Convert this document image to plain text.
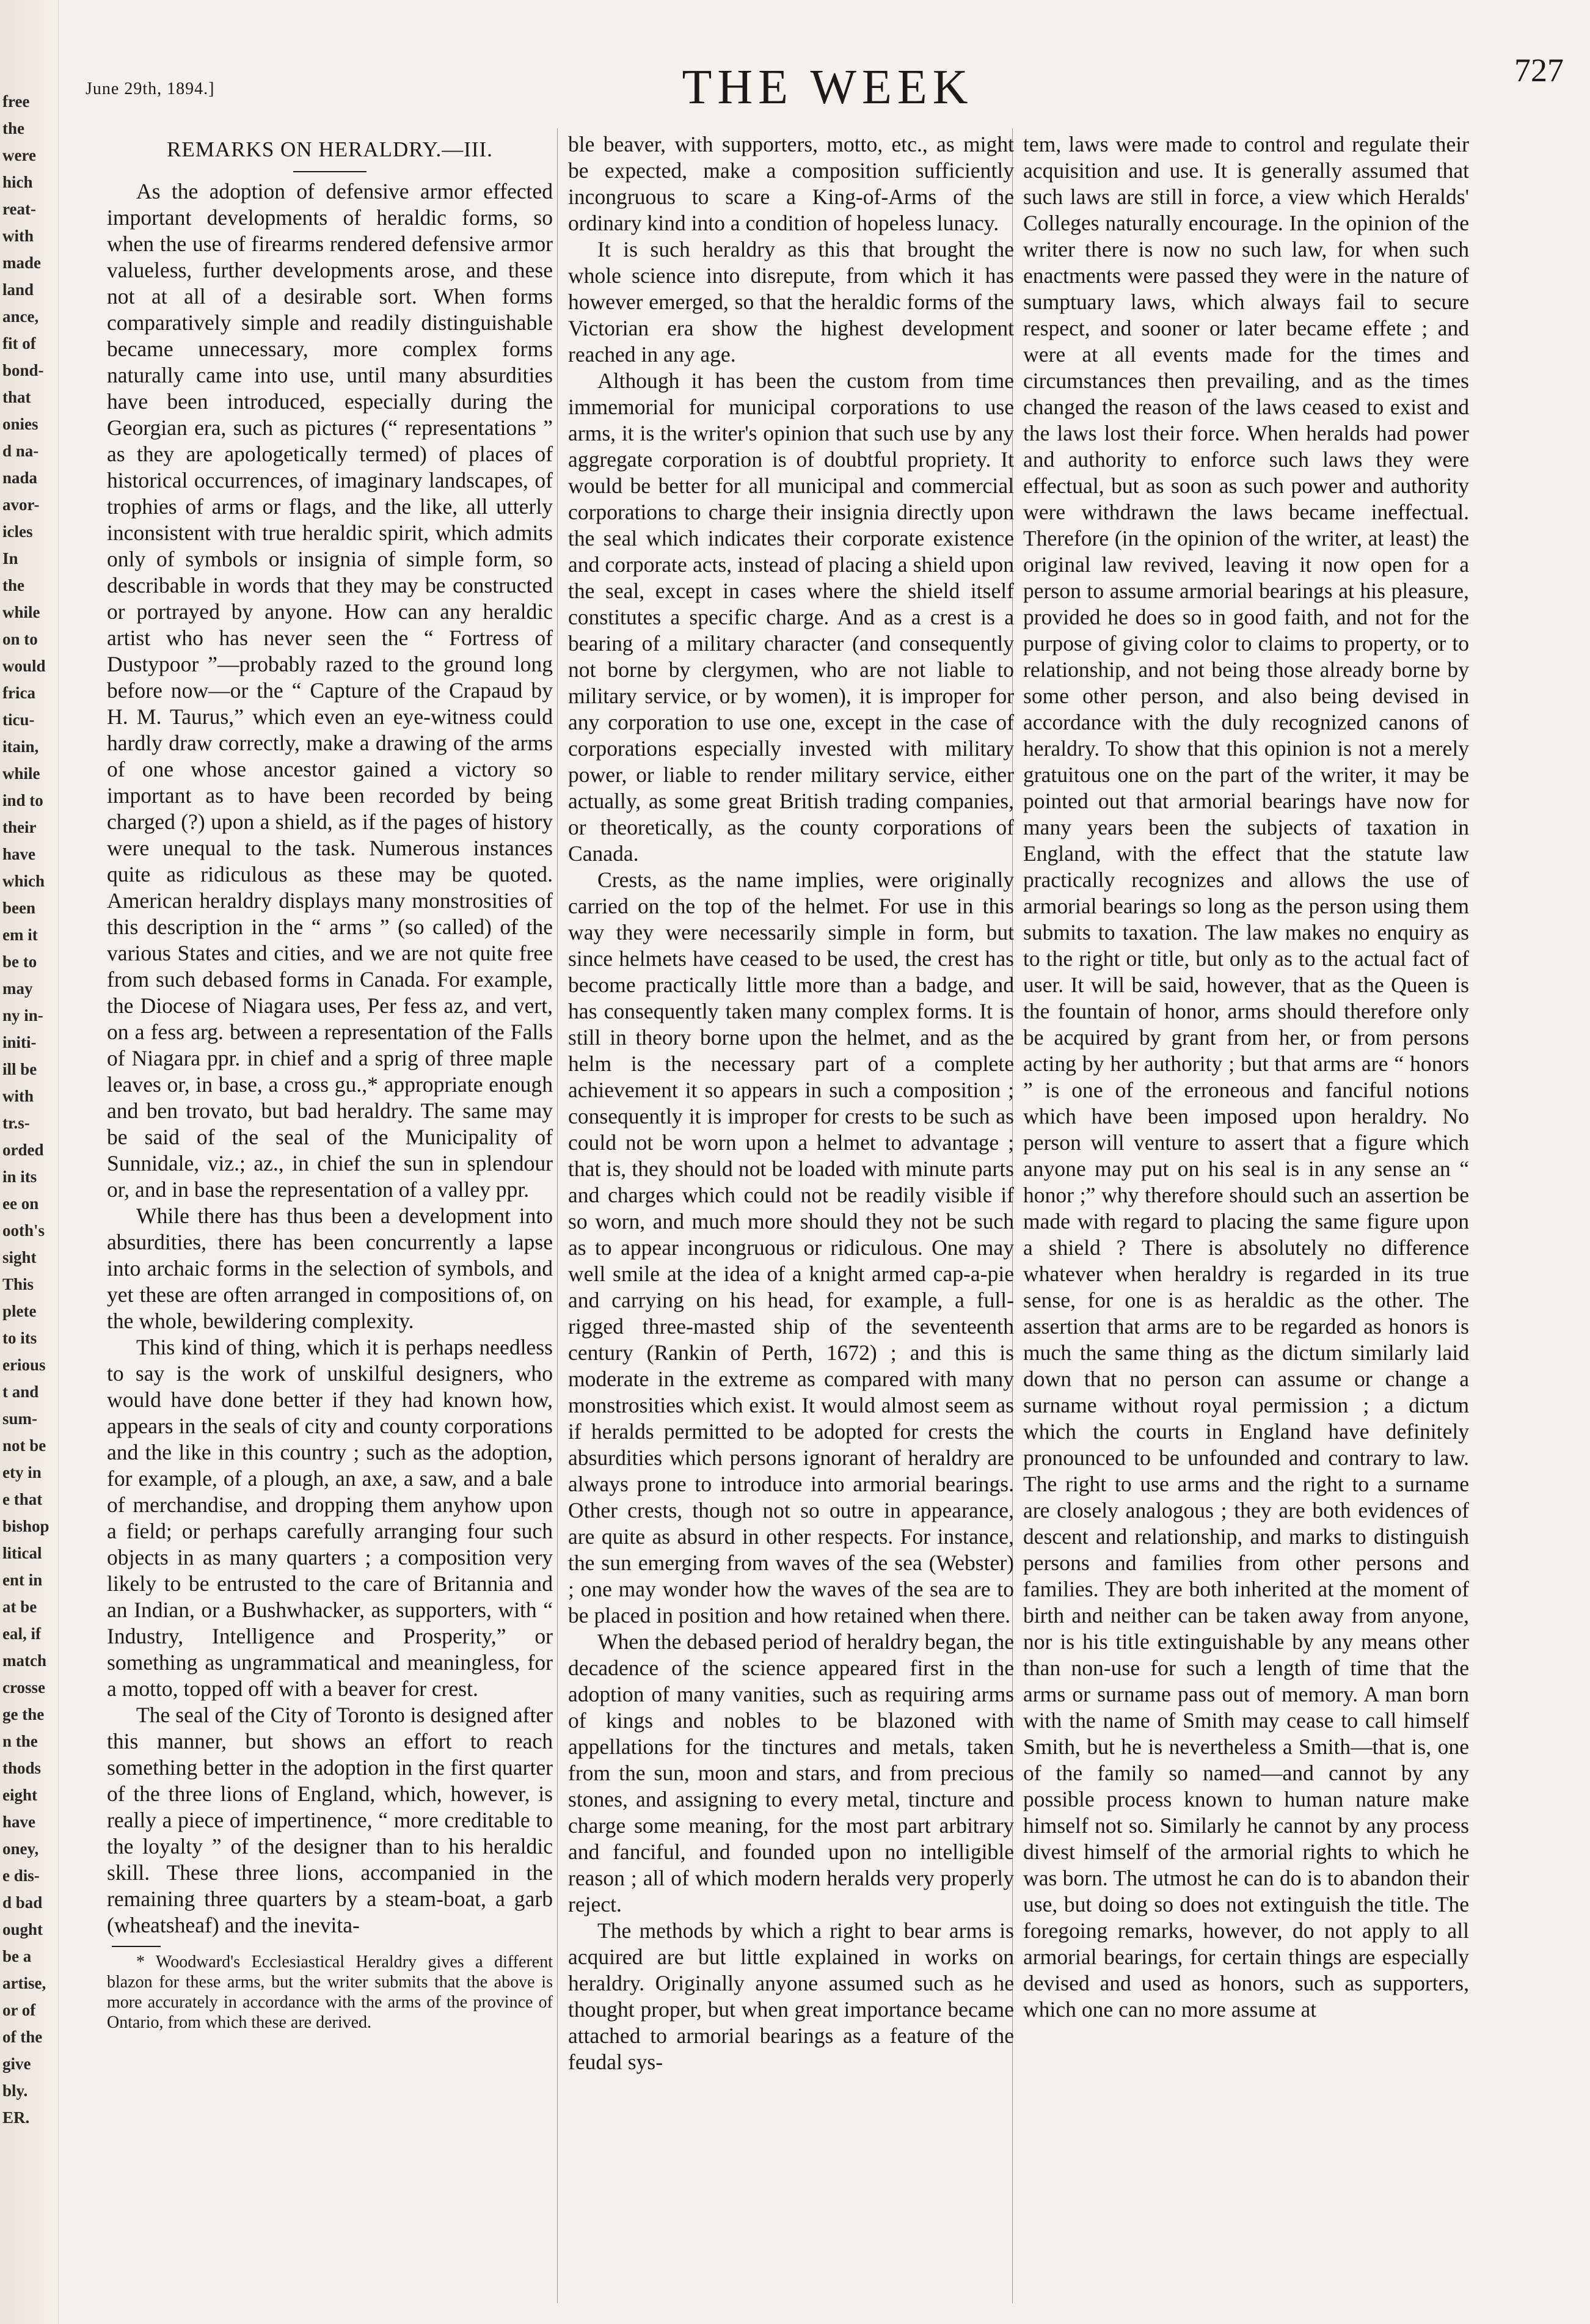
free
the
were
hich
reat-
with
made
land
ance,
fit of
bond-
that
onies
d na-
nada
avor-
icles
In
the
while
on to
would
frica
ticu-
itain,
while
ind to
their
have
which
been
em it
be to
may
ny in-
initi-
ill be
with
tr.s-
orded
in its
ee on
ooth's
sight
This
plete
to its
erious
t and
sum-
not be
ety in
e that
bishop
litical
ent in
at be
eal, if
match
crosse
ge the
n the
thods
eight
have
oney,
e dis-
d bad
ought
be a
artise,
or of
of the
give
bly.
ER.
June 29th, 1894.]	THE WEEK	727
REMARKS ON HERALDRY.—III.

As the adoption of defensive armor effected important developments of heraldic forms, so when the use of firearms rendered defensive armor valueless, further developments arose, and these not at all of a desirable sort. When forms comparatively simple and readily distinguishable became unnecessary, more complex forms naturally came into use, until many absurdities have been introduced, especially during the Georgian era, such as pictures (“ representations ” as they are apologetically termed) of places of historical occurrences, of imaginary landscapes, of trophies of arms or flags, and the like, all utterly inconsistent with true heraldic spirit, which admits only of symbols or insignia of simple form, so describable in words that they may be constructed or portrayed by anyone. How can any heraldic artist who has never seen the “ Fortress of Dustypoor ”—probably razed to the ground long before now—or the “ Capture of the Crapaud by H. M. Taurus,” which even an eye-witness could hardly draw correctly, make a drawing of the arms of one whose ancestor gained a victory so important as to have been recorded by being charged (?) upon a shield, as if the pages of history were unequal to the task. Numerous instances quite as ridiculous as these may be quoted. American heraldry displays many monstrosities of this description in the “ arms ” (so called) of the various States and cities, and we are not quite free from such debased forms in Canada. For example, the Diocese of Niagara uses, Per fess az, and vert, on a fess arg. between a representation of the Falls of Niagara ppr. in chief and a sprig of three maple leaves or, in base, a cross gu.,* appropriate enough and ben trovato, but bad heraldry. The same may be said of the seal of the Municipality of Sunnidale, viz.; az., in chief the sun in splendour or, and in base the representation of a valley ppr.

While there has thus been a development into absurdities, there has been concurrently a lapse into archaic forms in the selection of symbols, and yet these are often arranged in compositions of, on the whole, bewildering complexity.

This kind of thing, which it is perhaps needless to say is the work of unskilful designers, who would have done better if they had known how, appears in the seals of city and county corporations and the like in this country ; such as the adoption, for example, of a plough, an axe, a saw, and a bale of merchandise, and dropping them anyhow upon a field; or perhaps carefully arranging four such objects in as many quarters ; a composition very likely to be entrusted to the care of Britannia and an Indian, or a Bushwhacker, as supporters, with “ Industry, Intelligence and Prosperity,” or something as ungrammatical and meaningless, for a motto, topped off with a beaver for crest.

The seal of the City of Toronto is designed after this manner, but shows an effort to reach something better in the adoption in the first quarter of the three lions of England, which, however, is really a piece of impertinence, “ more creditable to the loyalty ” of the designer than to his heraldic skill. These three lions, accompanied in the remaining three quarters by a steam-boat, a garb (wheatsheaf) and the inevita-

* Woodward's Ecclesiastical Heraldry gives a different blazon for these arms, but the writer submits that the above is more accurately in accordance with the arms of the province of Ontario, from which these are derived.

ble beaver, with supporters, motto, etc., as might be expected, make a composition sufficiently incongruous to scare a King-of-Arms of the ordinary kind into a condition of hopeless lunacy.

It is such heraldry as this that brought the whole science into disrepute, from which it has however emerged, so that the heraldic forms of the Victorian era show the highest development reached in any age.

Although it has been the custom from time immemorial for municipal corporations to use arms, it is the writer's opinion that such use by any aggregate corporation is of doubtful propriety. It would be better for all municipal and commercial corporations to charge their insignia directly upon the seal which indicates their corporate existence and corporate acts, instead of placing a shield upon the seal, except in cases where the shield itself constitutes a specific charge. And as a crest is a bearing of a military character (and consequently not borne by clergymen, who are not liable to military service, or by women), it is improper for any corporation to use one, except in the case of corporations especially invested with military power, or liable to render military service, either actually, as some great British trading companies, or theoretically, as the county corporations of Canada.

Crests, as the name implies, were originally carried on the top of the helmet. For use in this way they were necessarily simple in form, but since helmets have ceased to be used, the crest has become practically little more than a badge, and has consequently taken many complex forms. It is still in theory borne upon the helmet, and as the helm is the necessary part of a complete achievement it so appears in such a composition ; consequently it is improper for crests to be such as could not be worn upon a helmet to advantage ; that is, they should not be loaded with minute parts and charges which could not be readily visible if so worn, and much more should they not be such as to appear incongruous or ridiculous. One may well smile at the idea of a knight armed cap-a-pie and carrying on his head, for example, a full-rigged three-masted ship of the seventeenth century (Rankin of Perth, 1672) ; and this is moderate in the extreme as compared with many monstrosities which exist. It would almost seem as if heralds permitted to be adopted for crests the absurdities which persons ignorant of heraldry are always prone to introduce into armorial bearings. Other crests, though not so outre in appearance, are quite as absurd in other respects. For instance, the sun emerging from waves of the sea (Webster) ; one may wonder how the waves of the sea are to be placed in position and how retained when there.

When the debased period of heraldry began, the decadence of the science appeared first in the adoption of many vanities, such as requiring arms of kings and nobles to be blazoned with appellations for the tinctures and metals, taken from the sun, moon and stars, and from precious stones, and assigning to every metal, tincture and charge some meaning, for the most part arbitrary and fanciful, and founded upon no intelligible reason ; all of which modern heralds very properly reject.

The methods by which a right to bear arms is acquired are but little explained in works on heraldry. Originally anyone assumed such as he thought proper, but when great importance became attached to armorial bearings as a feature of the feudal sys-

tem, laws were made to control and regulate their acquisition and use. It is generally assumed that such laws are still in force, a view which Heralds' Colleges naturally encourage. In the opinion of the writer there is now no such law, for when such enactments were passed they were in the nature of sumptuary laws, which always fail to secure respect, and sooner or later became effete ; and were at all events made for the times and circumstances then prevailing, and as the times changed the reason of the laws ceased to exist and the laws lost their force. When heralds had power and authority to enforce such laws they were effectual, but as soon as such power and authority were withdrawn the laws became ineffectual. Therefore (in the opinion of the writer, at least) the original law revived, leaving it now open for a person to assume armorial bearings at his pleasure, provided he does so in good faith, and not for the purpose of giving color to claims to property, or to relationship, and not being those already borne by some other person, and also being devised in accordance with the duly recognized canons of heraldry. To show that this opinion is not a merely gratuitous one on the part of the writer, it may be pointed out that armorial bearings have now for many years been the subjects of taxation in England, with the effect that the statute law practically recognizes and allows the use of armorial bearings so long as the person using them submits to taxation. The law makes no enquiry as to the right or title, but only as to the actual fact of user. It will be said, however, that as the Queen is the fountain of honor, arms should therefore only be acquired by grant from her, or from persons acting by her authority ; but that arms are “ honors ” is one of the erroneous and fanciful notions which have been imposed upon heraldry. No person will venture to assert that a figure which anyone may put on his seal is in any sense an “ honor ;” why therefore should such an assertion be made with regard to placing the same figure upon a shield ? There is absolutely no difference whatever when heraldry is regarded in its true sense, for one is as heraldic as the other. The assertion that arms are to be regarded as honors is much the same thing as the dictum similarly laid down that no person can assume or change a surname without royal permission ; a dictum which the courts in England have definitely pronounced to be unfounded and contrary to law. The right to use arms and the right to a surname are closely analogous ; they are both evidences of descent and relationship, and marks to distinguish persons and families from other persons and families. They are both inherited at the moment of birth and neither can be taken away from anyone, nor is his title extinguishable by any means other than non-use for such a length of time that the arms or surname pass out of memory. A man born with the name of Smith may cease to call himself Smith, but he is nevertheless a Smith—that is, one of the family so named—and cannot by any possible process known to human nature make himself not so. Similarly he cannot by any process divest himself of the armorial rights to which he was born. The utmost he can do is to abandon their use, but doing so does not extinguish the title. The foregoing remarks, however, do not apply to all armorial bearings, for certain things are especially devised and used as honors, such as supporters, which one can no more assume at
